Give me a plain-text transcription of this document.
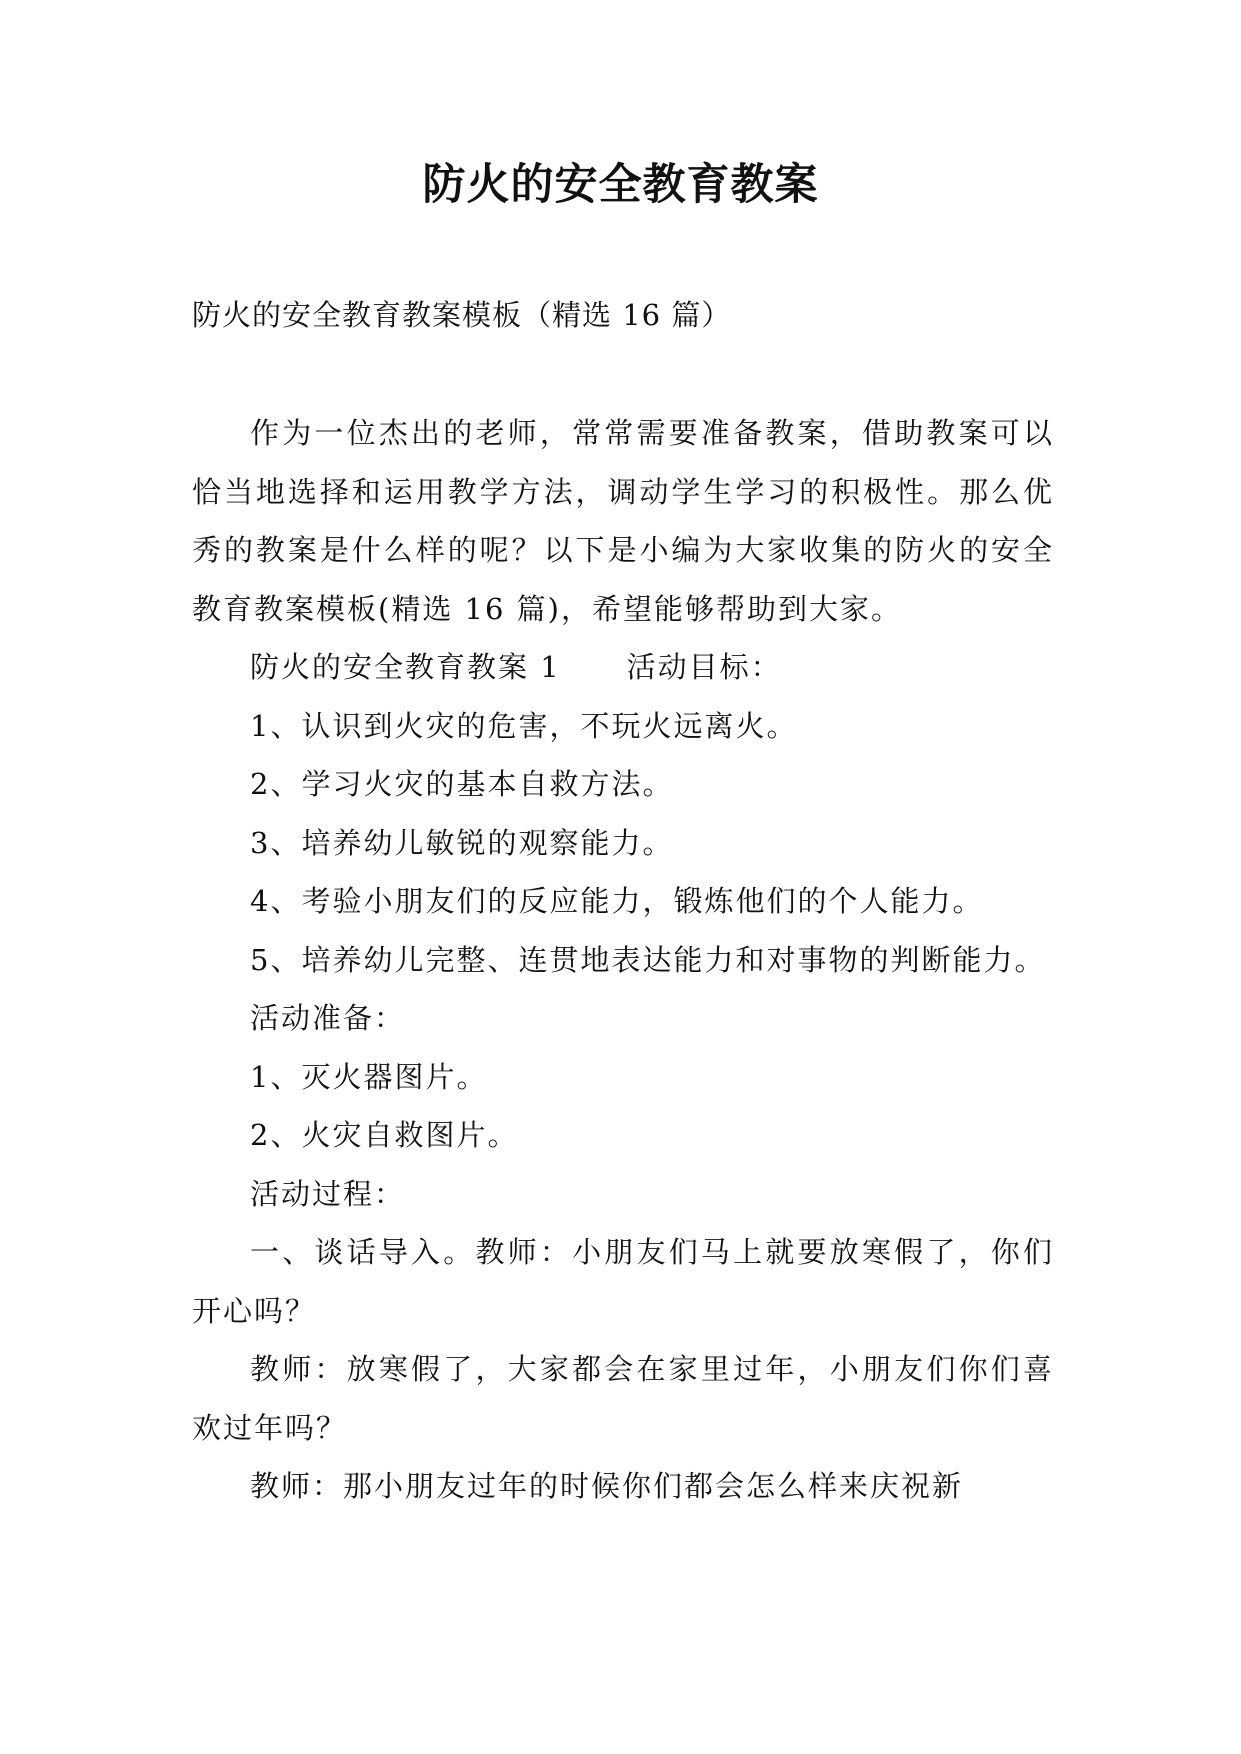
防火的安全教育教案
防火的安全教育教案模板（精选 16 篇）

作为一位杰出的老师，常常需要准备教案，借助教案可以恰当地选择和运用教学方法，调动学生学习的积极性。那么优秀的教案是什么样的呢？以下是小编为大家收集的防火的安全教育教案模板(精选 16 篇)，希望能够帮助到大家。

防火的安全教育教案 1 活动目标：

1、认识到火灾的危害，不玩火远离火。

2、学习火灾的基本自救方法。

3、培养幼儿敏锐的观察能力。

4、考验小朋友们的反应能力，锻炼他们的个人能力。

5、培养幼儿完整、连贯地表达能力和对事物的判断能力。

活动准备：

1、灭火器图片。

2、火灾自救图片。

活动过程：

一、谈话导入。教师：小朋友们马上就要放寒假了，你们开心吗？

教师：放寒假了，大家都会在家里过年，小朋友们你们喜欢过年吗？

教师：那小朋友过年的时候你们都会怎么样来庆祝新
